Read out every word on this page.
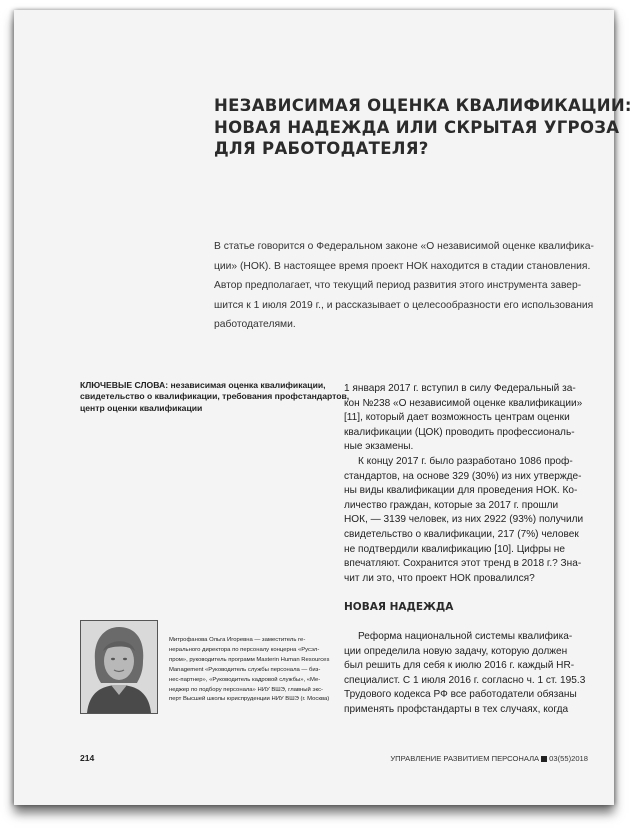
НЕЗАВИСИМАЯ ОЦЕНКА КВАЛИФИКАЦИИ:
НОВАЯ НАДЕЖДА ИЛИ СКРЫТАЯ УГРОЗА
ДЛЯ РАБОТОДАТЕЛЯ?
В статье говорится о Федеральном законе «О независимой оценке квалифика-
ции» (НОК). В настоящее время проект НОК находится в стадии становления.
Автор предполагает, что текущий период развития этого инструмента завер-
шится к 1 июля 2019 г., и рассказывает о целесообразности его использования
работодателями.
КЛЮЧЕВЫЕ СЛОВА: независимая оценка квалификации,
свидетельство о квалификации, требования профстандартов,
центр оценки квалификации
1 января 2017 г. вступил в силу Федеральный за-
кон №238 «О независимой оценке квалификации»
[11], который дает возможность центрам оценки
квалификации (ЦОК) проводить профессиональ-
ные экзамены.
К концу 2017 г. было разработано 1086 проф-
стандартов, на основе 329 (30%) из них утвержде-
ны виды квалификации для проведения НОК. Ко-
личество граждан, которые за 2017 г. прошли
НОК, — 3139 человек, из них 2922 (93%) получили
свидетельство о квалификации, 217 (7%) человек
не подтвердили квалификацию [10]. Цифры не
впечатляют. Сохранится этот тренд в 2018 г.? Зна-
чит ли это, что проект НОК провалился?
НОВАЯ НАДЕЖДА
Реформа национальной системы квалифика-
ции определила новую задачу, которую должен
был решить для себя к июлю 2016 г. каждый HR-
специалист. С 1 июля 2016 г. согласно ч. 1 ст. 195.3
Трудового кодекса РФ все работодатели обязаны
применять профстандарты в тех случаях, когда
Митрофанова Ольга Игоревна — заместитель ге-
нерального директора по персоналу концерна «Русэл-
пром», руководитель программ Masterin Human Resources
Management «Руководитель службы персонала — биз-
нес-партнер», «Руководитель кадровой службы», «Ме-
неджер по подбору персонала» НИУ ВШЭ, главный экс-
перт Высшей школы юриспруденции НИУ ВШЭ (г. Москва)
214	УПРАВЛЕНИЕ РАЗВИТИЕМ ПЕРСОНАЛА 03(55)2018
